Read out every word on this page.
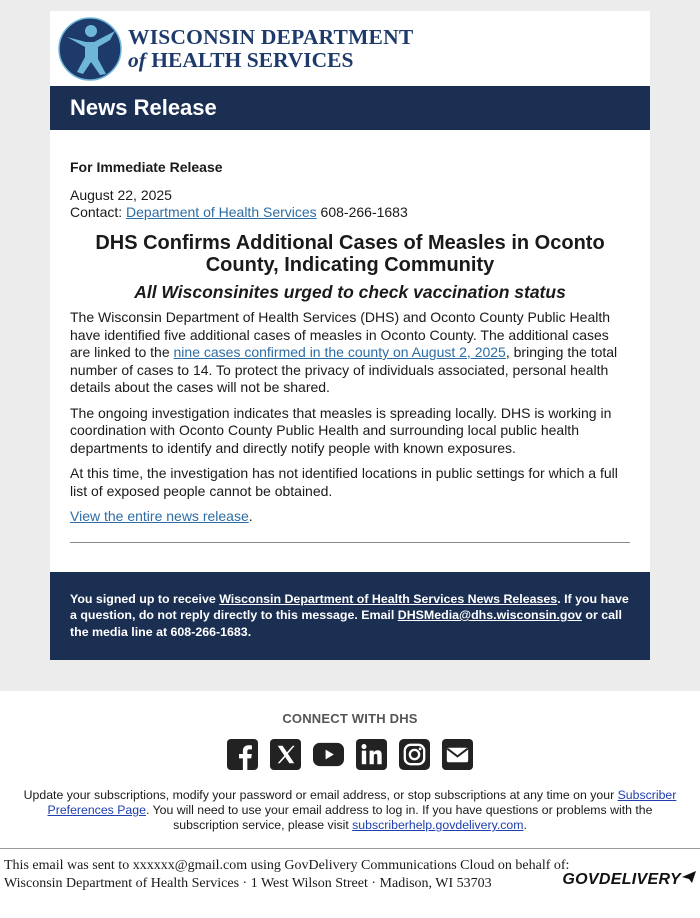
WISCONSIN DEPARTMENT
of HEALTH SERVICES
News Release
For Immediate Release
August 22, 2025
Contact: Department of Health Services 608-266-1683
DHS Confirms Additional Cases of Measles in Oconto County, Indicating Community
All Wisconsinites urged to check vaccination status

The Wisconsin Department of Health Services (DHS) and Oconto County Public Health have identified five additional cases of measles in Oconto County. The additional cases are linked to the nine cases confirmed in the county on August 2, 2025, bringing the total number of cases to 14. To protect the privacy of individuals associated, personal health details about the cases will not be shared.

The ongoing investigation indicates that measles is spreading locally. DHS is working in coordination with Oconto County Public Health and surrounding local public health departments to identify and directly notify people with known exposures.

At this time, the investigation has not identified locations in public settings for which a full list of exposed people cannot be obtained.

View the entire news release.

You signed up to receive Wisconsin Department of Health Services News Releases. If you have a question, do not reply directly to this message. Email DHSMedia@dhs.wisconsin.gov or call the media line at 608-266-1683.
CONNECT WITH DHS
Update your subscriptions, modify your password or email address, or stop subscriptions at any time on your Subscriber Preferences Page. You will need to use your email address to log in. If you have questions or problems with the subscription service, please visit subscriberhelp.govdelivery.com.
This email was sent to xxxxxx@gmail.com using GovDelivery Communications Cloud on behalf of: Wisconsin Department of Health Services · 1 West Wilson Street · Madison, WI 53703	GOVDELIVERY
